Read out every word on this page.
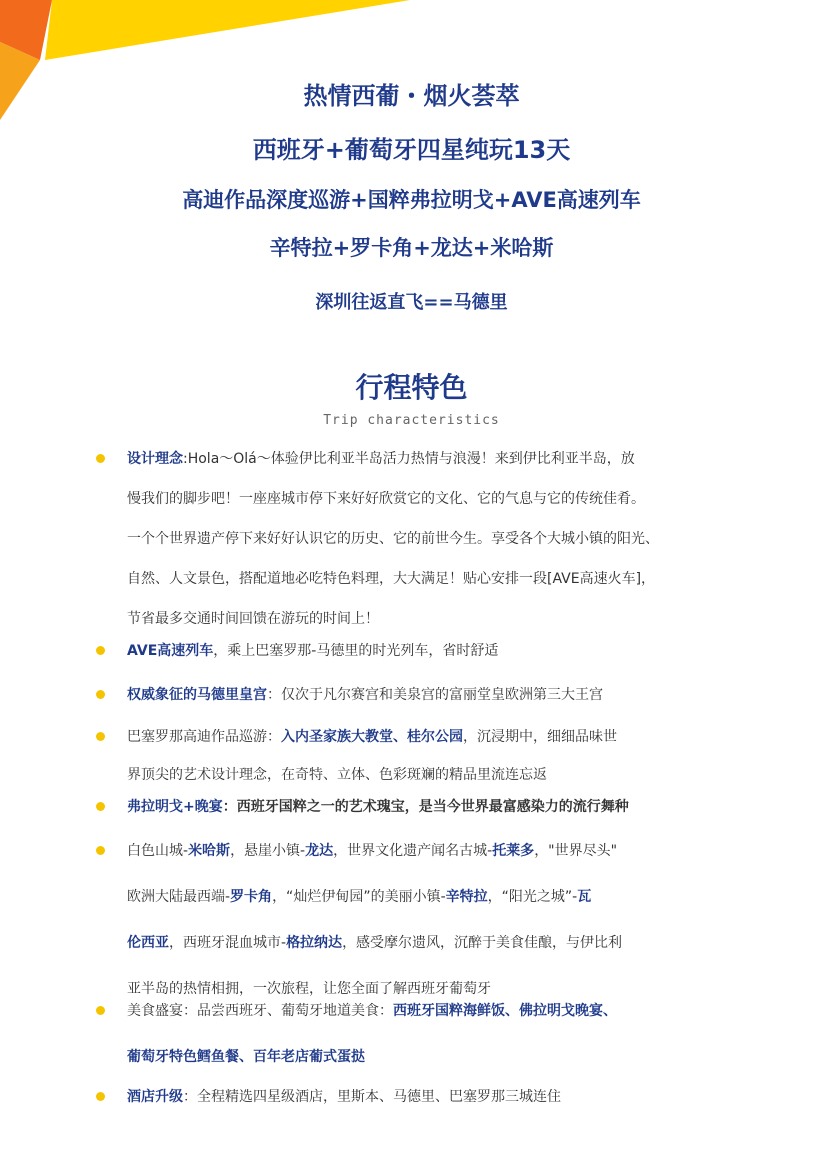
热情西葡・烟火荟萃
西班牙+葡萄牙四星纯玩13天
高迪作品深度巡游+国粹弗拉明戈+AVE高速列车
辛特拉+罗卡角+龙达+米哈斯
深圳往返直飞==马德里
行程特色
Trip characteristics
设计理念:Hola～Olá～体验伊比利亚半岛活力热情与浪漫！来到伊比利亚半岛，放
慢我们的脚步吧！一座座城市停下来好好欣赏它的文化、它的气息与它的传统佳肴。
一个个世界遗产停下来好好认识它的历史、它的前世今生。享受各个大城小镇的阳光、
自然、人文景色，搭配道地必吃特色料理，大大满足！贴心安排一段[AVE高速火车]，
节省最多交通时间回馈在游玩的时间上！
AVE高速列车，乘上巴塞罗那-马德里的时光列车，省时舒适
权威象征的马德里皇宫：仅次于凡尔赛宫和美泉宫的富丽堂皇欧洲第三大王宫
巴塞罗那高迪作品巡游：入内圣家族大教堂、桂尔公园，沉浸期中，细细品味世
界顶尖的艺术设计理念，在奇特、立体、色彩斑斓的精品里流连忘返
弗拉明戈+晚宴：西班牙国粹之一的艺术瑰宝，是当今世界最富感染力的流行舞种
白色山城-米哈斯，悬崖小镇-龙达，世界文化遗产闻名古城-托莱多，"世界尽头"
欧洲大陆最西端-罗卡角，“灿烂伊甸园”的美丽小镇-辛特拉，“阳光之城”-瓦
伦西亚，西班牙混血城市-格拉纳达，感受摩尔遗风，沉醉于美食佳酿，与伊比利
亚半岛的热情相拥，一次旅程，让您全面了解西班牙葡萄牙
美食盛宴：品尝西班牙、葡萄牙地道美食：西班牙国粹海鲜饭、佛拉明戈晚宴、
葡萄牙特色鳕鱼餐、百年老店葡式蛋挞
酒店升级：全程精选四星级酒店，里斯本、马德里、巴塞罗那三城连住
